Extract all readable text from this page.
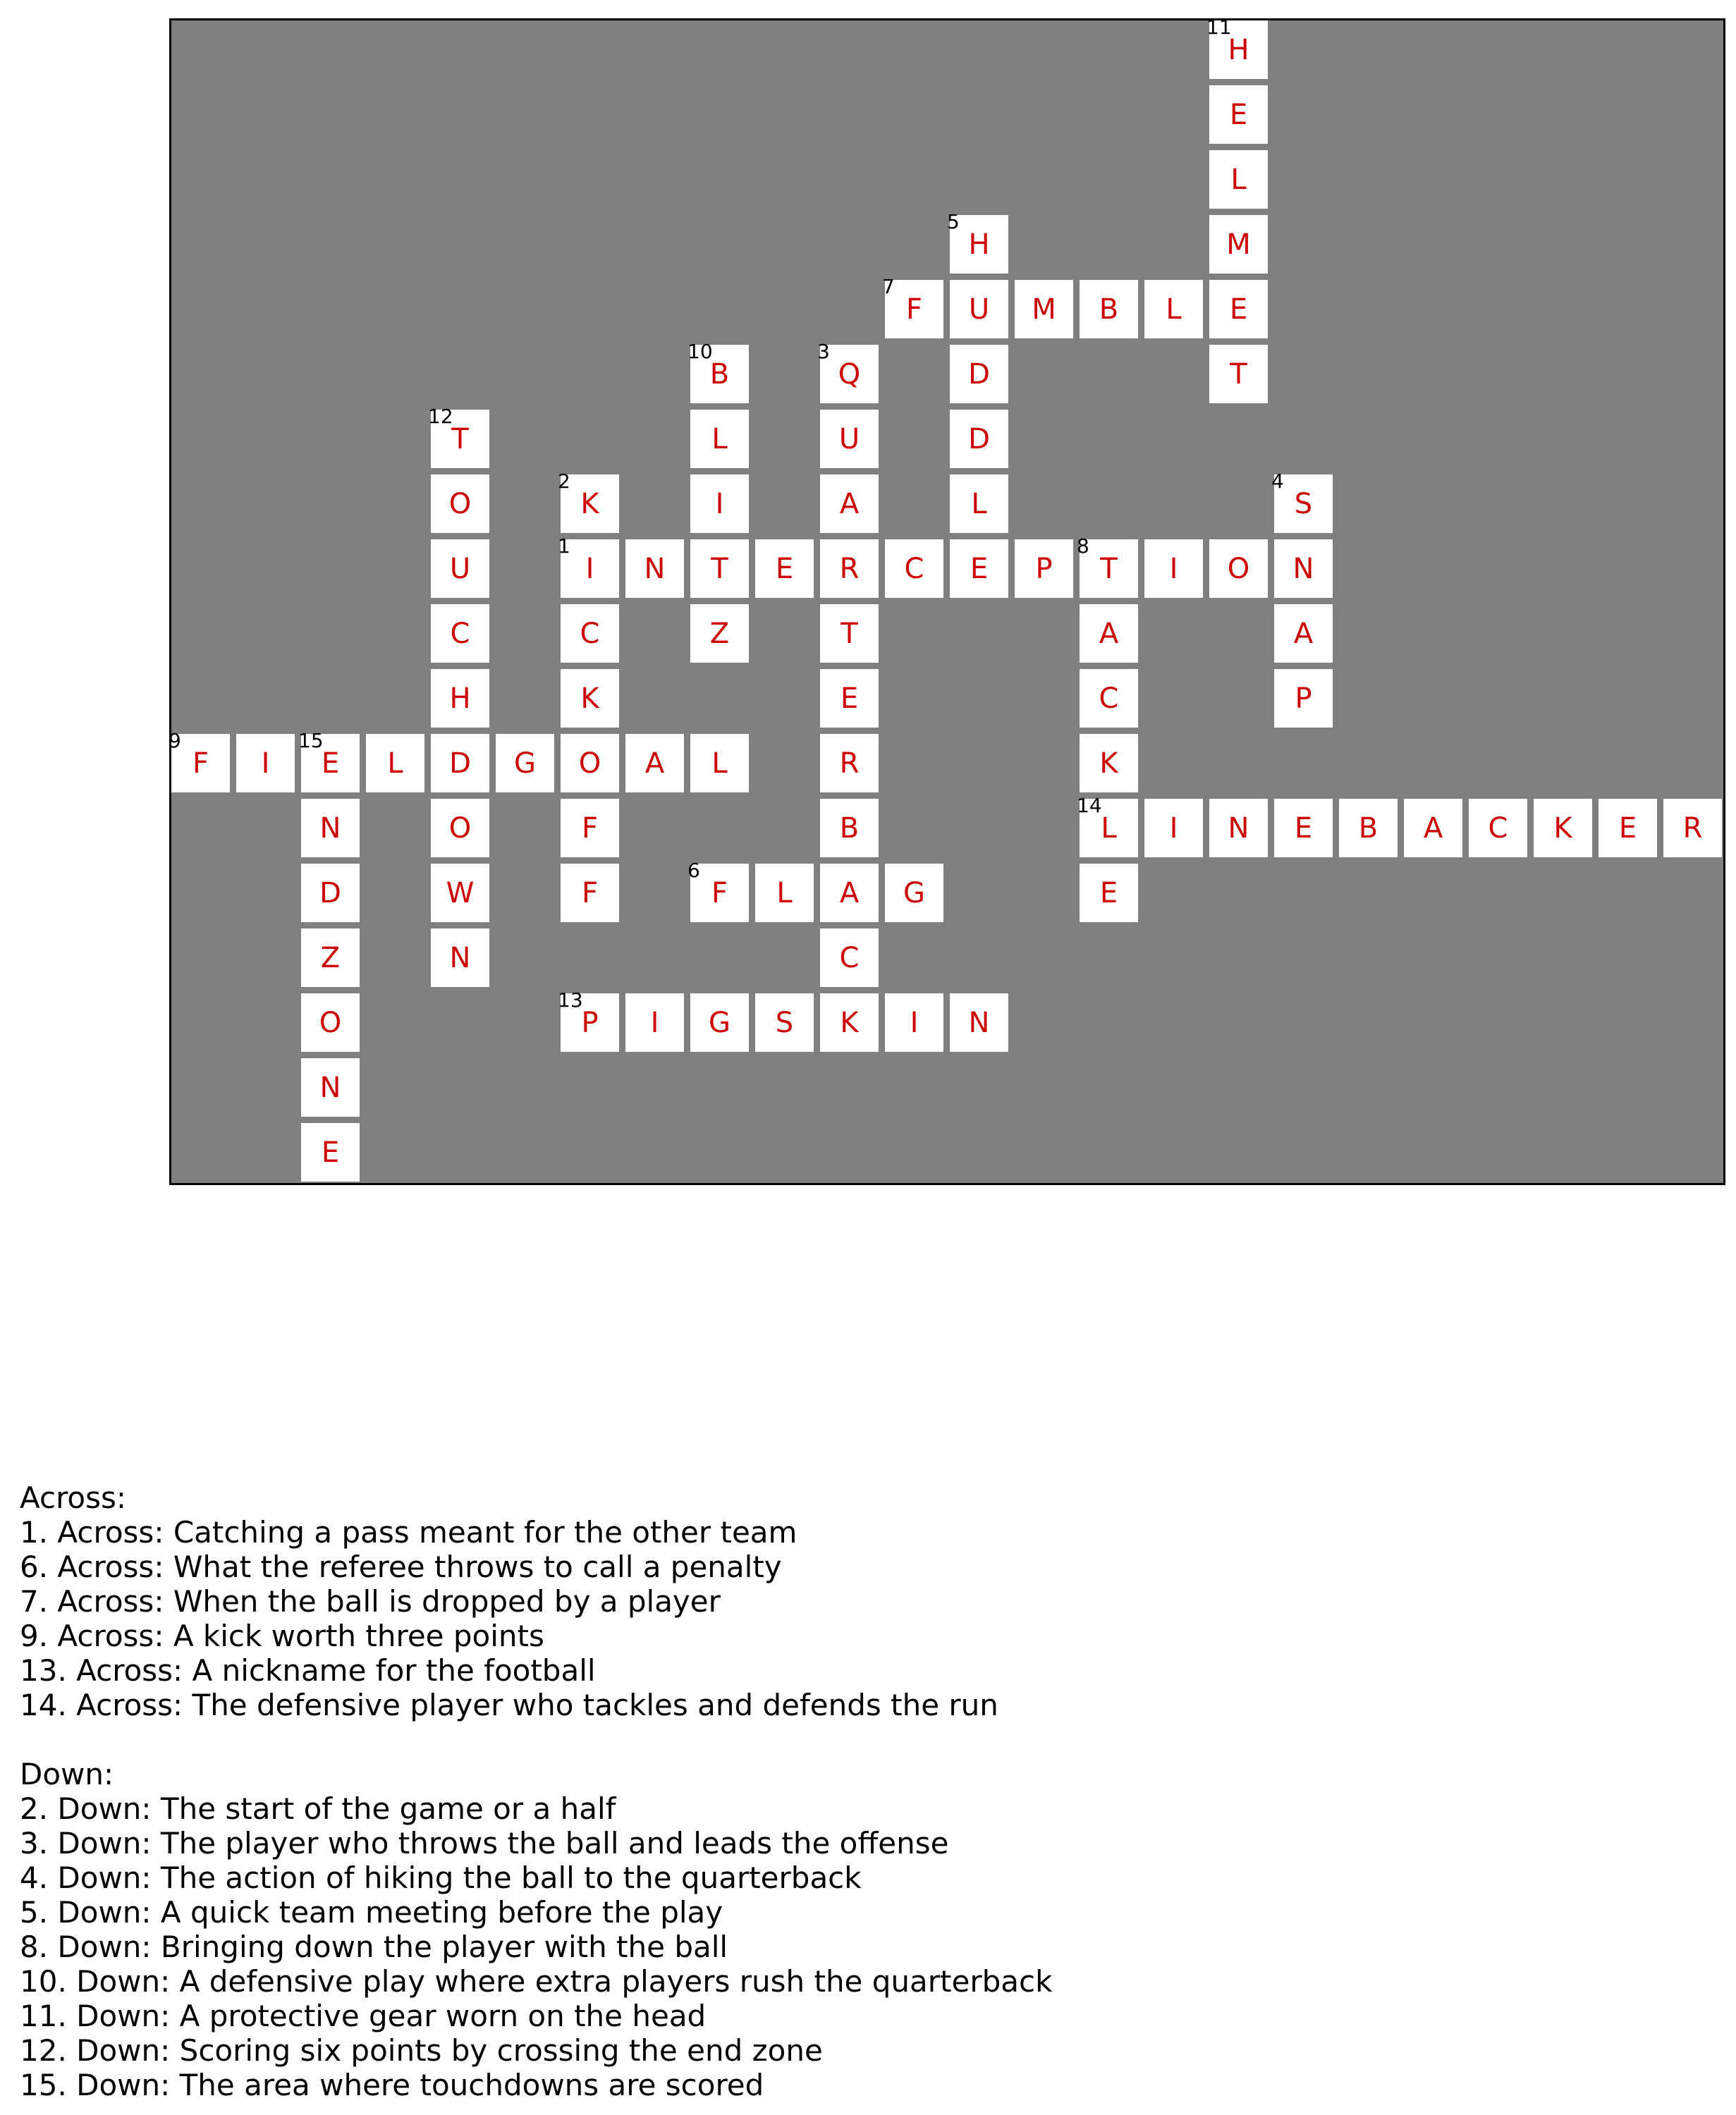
H
11
E
L
H
5
M
F
7
U M B L E
B
10
Q
3
D	T
T
12
L	U	D
O	K
2
I	A	L	S
4
U	I
1
N T E R C E P T
8
I O N
C	C	Z	T	A	A
H	K	E	C	P
F
9
I E
15
L D G O A L	R	K
N	O	F	B	L
14
I N E B A C K E R
D	W	F	F
6
L A G	E
Z	N	C
O	P
13
I G S K I N
N
E
Across:
1. Across: Catching a pass meant for the other team
6. Across: What the referee throws to call a penalty
7. Across: When the ball is dropped by a player
9. Across: A kick worth three points
13. Across: A nickname for the football
14. Across: The defensive player who tackles and defends the run
Down:
2. Down: The start of the game or a half
3. Down: The player who throws the ball and leads the offense
4. Down: The action of hiking the ball to the quarterback
5. Down: A quick team meeting before the play
8. Down: Bringing down the player with the ball
10. Down: A defensive play where extra players rush the quarterback
11. Down: A protective gear worn on the head
12. Down: Scoring six points by crossing the end zone
15. Down: The area where touchdowns are scored
